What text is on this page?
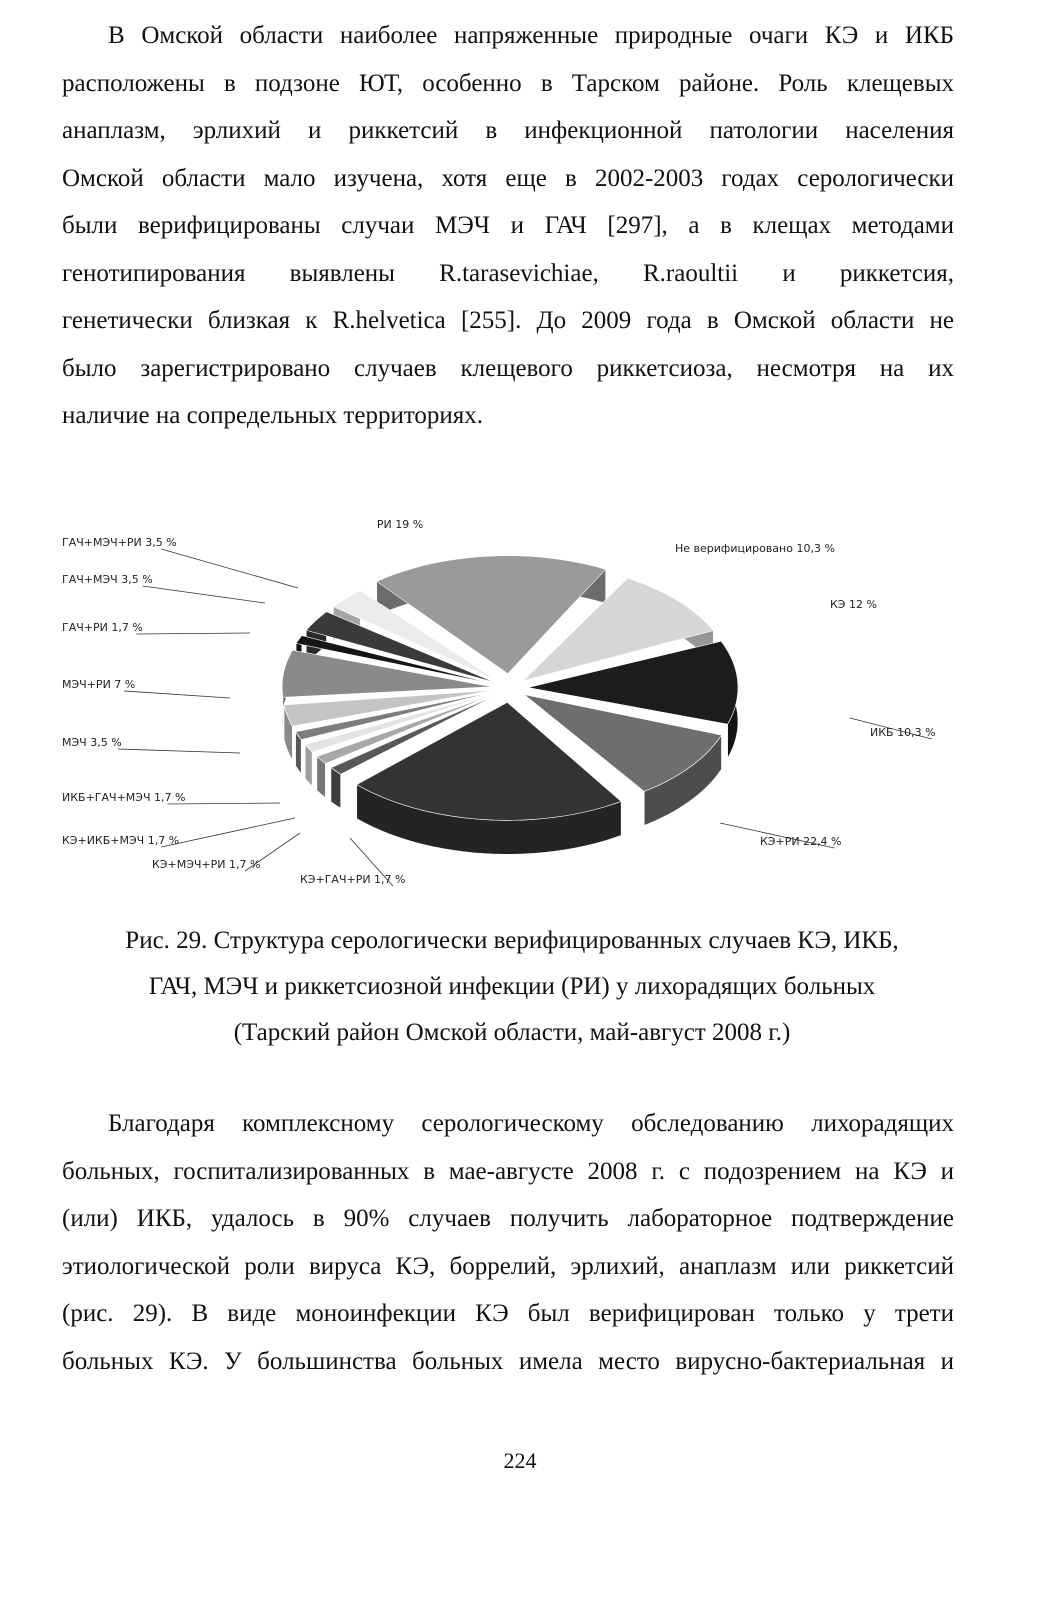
В Омской области наиболее напряженные природные очаги КЭ и ИКБ
расположены в подзоне ЮТ, особенно в Тарском районе. Роль клещевых
анаплазм, эрлихий и риккетсий в инфекционной патологии населения
Омской области мало изучена, хотя еще в 2002-2003 годах серологически
были верифицированы случаи МЭЧ и ГАЧ [297], а в клещах методами
генотипирования выявлены R.tarasevichiae, R.raoultii и риккетсия,
генетически близкая к R.helvetica [255]. До 2009 года в Омской области не
было зарегистрировано случаев клещевого риккетсиоза, несмотря на их
наличие на сопредельных территориях.
РИ 19 %
Не верифицировано 10,3 %
КЭ 12 %
ИКБ 10,3 %
КЭ+РИ 22,4 %
КЭ+ГАЧ+РИ 1,7 %
КЭ+МЭЧ+РИ 1,7 %
КЭ+ИКБ+МЭЧ 1,7 %
ИКБ+ГАЧ+МЭЧ 1,7 %
МЭЧ 3,5 %
МЭЧ+РИ 7 %
ГАЧ+РИ 1,7 %
ГАЧ+МЭЧ 3,5 %
ГАЧ+МЭЧ+РИ 3,5 %
Рис. 29. Структура серологически верифицированных случаев КЭ, ИКБ,
ГАЧ, МЭЧ и риккетсиозной инфекции (РИ) у лихорадящих больных
(Тарский район Омской области, май-август 2008 г.)
Благодаря комплексному серологическому обследованию лихорадящих
больных, госпитализированных в мае-августе 2008 г. с подозрением на КЭ и
(или) ИКБ, удалось в 90% случаев получить лабораторное подтверждение
этиологической роли вируса КЭ, боррелий, эрлихий, анаплазм или риккетсий
(рис. 29). В виде моноинфекции КЭ был верифицирован только у трети
больных КЭ. У большинства больных имела место вирусно-бактериальная и
224
